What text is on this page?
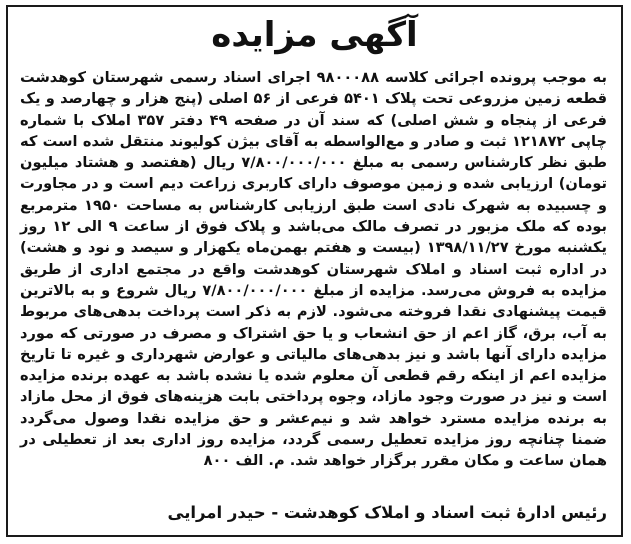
آگهی مزایده
به موجب پرونده اجرائی کلاسه ۹۸۰۰۰۸۸ اجرای اسناد رسمی شهرستان کوهدشت قطعه زمین مزروعی تحت پلاک ۵۴۰۱ فرعی از ۵۶ اصلی (پنج هزار و چهارصد و یک فرعی از پنجاه و شش اصلی) که سند آن در صفحه ۴۹ دفتر ۳۵۷ املاک با شماره چاپی ۱۲۱۸۷۲ ثبت و صادر و مع‌الواسطه به آقای بیژن کولیوند منتقل شده است که طبق نظر کارشناس رسمی به مبلغ ۷/۸۰۰/۰۰۰/۰۰۰ ریال (هفتصد و هشتاد میلیون تومان) ارزیابی شده و زمین موصوف دارای کاربری زراعت دیم است و در مجاورت و چسبیده به شهرک نادی است طبق ارزیابی کارشناس به مساحت ۱۹۵۰ مترمربع بوده که ملک مزبور در تصرف مالک می‌باشد و پلاک فوق از ساعت ۹ الی ۱۲ روز یکشنبه مورخ ۱۳۹۸/۱۱/۲۷ (بیست و هفتم بهمن‌ماه یکهزار و سیصد و نود و هشت) در اداره ثبت اسناد و املاک شهرستان کوهدشت واقع در مجتمع اداری از طریق مزایده به فروش می‌رسد. مزایده از مبلغ ۷/۸۰۰/۰۰۰/۰۰۰ ریال شروع و به بالاترین قیمت پیشنهادی نقدا فروخته می‌شود. لازم به ذکر است پرداخت بدهی‌های مربوط به آب، برق، گاز اعم از حق انشعاب و یا حق اشتراک و مصرف در صورتی که مورد مزایده دارای آنها باشد و نیز بدهی‌های مالیاتی و عوارض شهرداری و غیره تا تاریخ مزایده اعم از اینکه رقم قطعی آن معلوم شده یا نشده باشد به عهده برنده مزایده است و نیز در صورت وجود مازاد، وجوه پرداختی بابت هزینه‌های فوق از محل مازاد به برنده مزایده مسترد خواهد شد و نیم‌عشر و حق مزایده نقدا وصول می‌گردد ضمنا چنانچه روز مزایده تعطیل رسمی گردد، مزایده روز اداری بعد از تعطیلی در همان ساعت و مکان مقرر برگزار خواهد شد. م. الف ۸۰۰
رئیس ادارهٔ ثبت اسناد و املاک کوهدشت - حیدر امرایی
